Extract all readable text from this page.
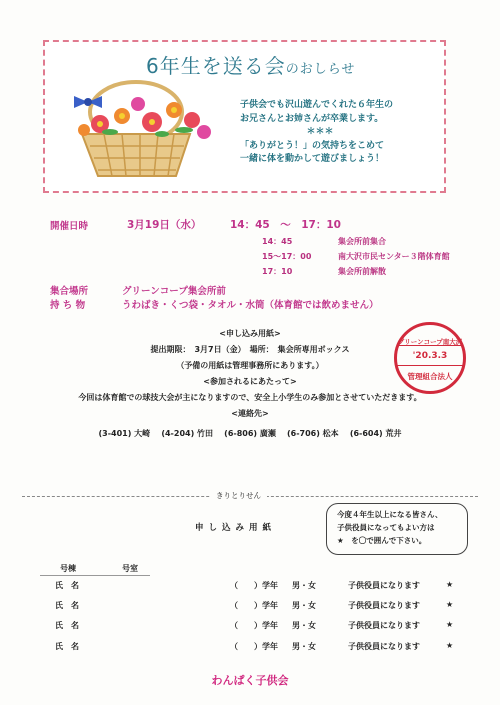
6年生を送る会のおしらせ
子供会でも沢山遊んでくれた６年生の
お兄さんとお姉さんが卒業します。
＊＊＊
「ありがとう！」の気持ちをこめて
一緒に体を動かして遊びましょう！
開催日時	3月19日（水）	14：45　～　17：10
14：45	集会所前集合
15～17：00	南大沢市民センター３階体育館
17：10	集会所前解散
集合場所	グリーンコープ集会所前
持 ち 物	うわばき・くつ袋・タオル・水筒（体育館では飲めません）
<申し込み用紙>
提出期限：　3月7日（金）　場所：　集会所専用ボックス
（予備の用紙は管理事務所にあります。）
<参加されるにあたって>
今回は体育館での球技大会が主になりますので、安全上小学生のみ参加とさせていただきます。
<連絡先>
(3-401) 大崎 (4-204) 竹田 (6-806) 廣瀬 (6-706) 松本 (6-604) 荒井
グリーンコープ南大沢
'20.3.3
管理組合法人
きりとりせん
今度４年生以上になる皆さん、
子供役員になってもよい方は
★　を〇で囲んで下さい。
申し込み用紙
号棟	号室
氏　名	（　　）学年 男・女	子供役員になります	★
氏　名	（　　）学年 男・女	子供役員になります	★
氏　名	（　　）学年 男・女	子供役員になります	★
氏　名	（　　）学年 男・女	子供役員になります	★
わんぱく子供会
